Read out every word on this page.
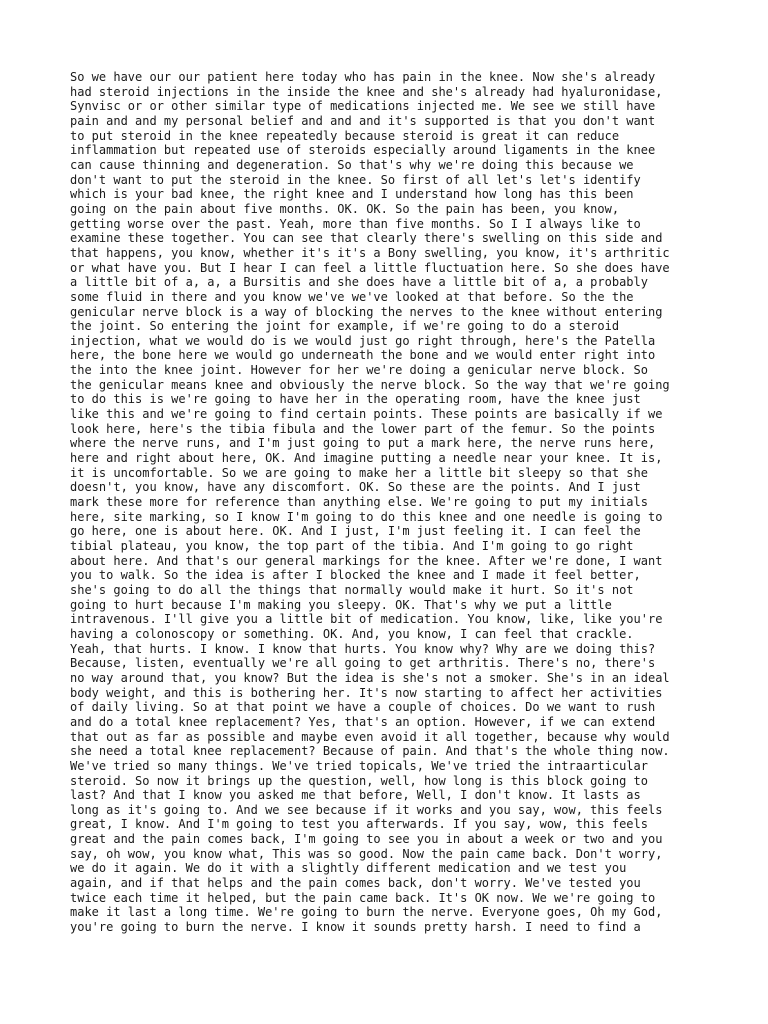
So we have our our patient here today who has pain in the knee. Now she's already
had steroid injections in the inside the knee and she's already had hyaluronidase,
Synvisc or or other similar type of medications injected me. We see we still have
pain and and my personal belief and and and it's supported is that you don't want
to put steroid in the knee repeatedly because steroid is great it can reduce
inflammation but repeated use of steroids especially around ligaments in the knee
can cause thinning and degeneration. So that's why we're doing this because we
don't want to put the steroid in the knee. So first of all let's let's identify
which is your bad knee, the right knee and I understand how long has this been
going on the pain about five months. OK. OK. So the pain has been, you know,
getting worse over the past. Yeah, more than five months. So I I always like to
examine these together. You can see that clearly there's swelling on this side and
that happens, you know, whether it's it's a Bony swelling, you know, it's arthritic
or what have you. But I hear I can feel a little fluctuation here. So she does have
a little bit of a, a, a Bursitis and she does have a little bit of a, a probably
some fluid in there and you know we've we've looked at that before. So the the
genicular nerve block is a way of blocking the nerves to the knee without entering
the joint. So entering the joint for example, if we're going to do a steroid
injection, what we would do is we would just go right through, here's the Patella
here, the bone here we would go underneath the bone and we would enter right into
the into the knee joint. However for her we're doing a genicular nerve block. So
the genicular means knee and obviously the nerve block. So the way that we're going
to do this is we're going to have her in the operating room, have the knee just
like this and we're going to find certain points. These points are basically if we
look here, here's the tibia fibula and the lower part of the femur. So the points
where the nerve runs, and I'm just going to put a mark here, the nerve runs here,
here and right about here, OK. And imagine putting a needle near your knee. It is,
it is uncomfortable. So we are going to make her a little bit sleepy so that she
doesn't, you know, have any discomfort. OK. So these are the points. And I just
mark these more for reference than anything else. We're going to put my initials
here, site marking, so I know I'm going to do this knee and one needle is going to
go here, one is about here. OK. And I just, I'm just feeling it. I can feel the
tibial plateau, you know, the top part of the tibia. And I'm going to go right
about here. And that's our general markings for the knee. After we're done, I want
you to walk. So the idea is after I blocked the knee and I made it feel better,
she's going to do all the things that normally would make it hurt. So it's not
going to hurt because I'm making you sleepy. OK. That's why we put a little
intravenous. I'll give you a little bit of medication. You know, like, like you're
having a colonoscopy or something. OK. And, you know, I can feel that crackle.
Yeah, that hurts. I know. I know that hurts. You know why? Why are we doing this?
Because, listen, eventually we're all going to get arthritis. There's no, there's
no way around that, you know? But the idea is she's not a smoker. She's in an ideal
body weight, and this is bothering her. It's now starting to affect her activities
of daily living. So at that point we have a couple of choices. Do we want to rush
and do a total knee replacement? Yes, that's an option. However, if we can extend
that out as far as possible and maybe even avoid it all together, because why would
she need a total knee replacement? Because of pain. And that's the whole thing now.
We've tried so many things. We've tried topicals, We've tried the intraarticular
steroid. So now it brings up the question, well, how long is this block going to
last? And that I know you asked me that before, Well, I don't know. It lasts as
long as it's going to. And we see because if it works and you say, wow, this feels
great, I know. And I'm going to test you afterwards. If you say, wow, this feels
great and the pain comes back, I'm going to see you in about a week or two and you
say, oh wow, you know what, This was so good. Now the pain came back. Don't worry,
we do it again. We do it with a slightly different medication and we test you
again, and if that helps and the pain comes back, don't worry. We've tested you
twice each time it helped, but the pain came back. It's OK now. We we're going to
make it last a long time. We're going to burn the nerve. Everyone goes, Oh my God,
you're going to burn the nerve. I know it sounds pretty harsh. I need to find a
